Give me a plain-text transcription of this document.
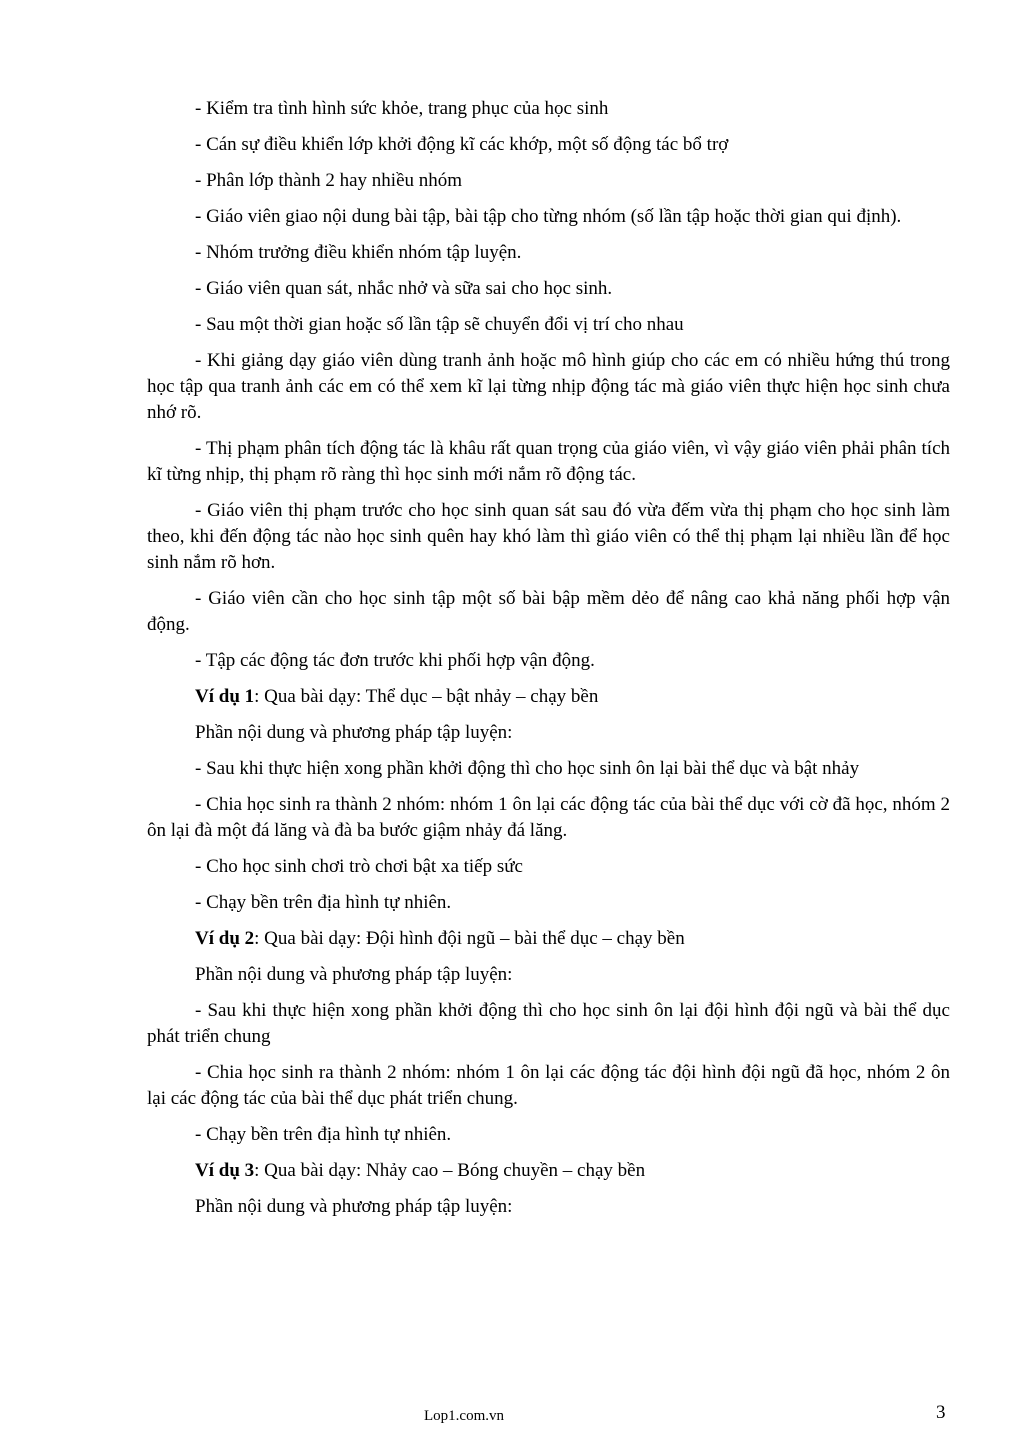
- Kiểm tra tình hình sức khỏe, trang phục của học sinh

- Cán sự điều khiển lớp khởi động kĩ các khớp, một số động tác bổ trợ

- Phân lớp thành 2 hay nhiều nhóm

- Giáo viên giao nội dung bài tập, bài tập cho từng nhóm (số lần tập hoặc thời gian qui định).

- Nhóm trưởng điều khiển nhóm tập luyện.

- Giáo viên quan sát, nhắc nhở và sữa sai cho học sinh.

- Sau một thời gian hoặc số lần tập sẽ chuyển đổi vị trí cho nhau

- Khi giảng dạy giáo viên dùng tranh ảnh hoặc mô hình giúp cho các em có nhiều hứng thú trong học tập qua tranh ảnh các em có thể xem kĩ lại từng nhịp động tác mà giáo viên thực hiện học sinh chưa nhớ rõ.

- Thị phạm phân tích động tác là khâu rất quan trọng của giáo viên, vì vậy giáo viên phải phân tích kĩ từng nhịp, thị phạm rõ ràng thì học sinh mới nắm rõ động tác.

- Giáo viên thị phạm trước cho học sinh quan sát sau đó vừa đếm vừa thị phạm cho học sinh làm theo, khi đến động tác nào học sinh quên hay khó làm thì giáo viên có thể thị phạm lại nhiều lần để học sinh nắm rõ hơn.

- Giáo viên cần cho học sinh tập một số bài bập mềm dẻo để nâng cao khả năng phối hợp vận động.

- Tập các động tác đơn trước khi phối hợp vận động.

Ví dụ 1: Qua bài dạy: Thể dục – bật nhảy – chạy bền

Phần nội dung và phương pháp tập luyện:

- Sau khi thực hiện xong phần khởi động thì cho học sinh ôn lại bài thể dục và bật nhảy

- Chia học sinh ra thành 2 nhóm: nhóm 1 ôn lại các động tác của bài thể dục với cờ đã học, nhóm 2 ôn lại đà một đá lăng và đà ba bước giậm nhảy đá lăng.

- Cho học sinh chơi trò chơi bật xa tiếp sức

- Chạy bền trên địa hình tự nhiên.

Ví dụ 2: Qua bài dạy: Đội hình đội ngũ – bài thể dục – chạy bền

Phần nội dung và phương pháp tập luyện:

- Sau khi thực hiện xong phần khởi động thì cho học sinh ôn lại đội hình đội ngũ và bài thể dục phát triển chung

- Chia học sinh ra thành 2 nhóm: nhóm 1 ôn lại các động tác đội hình đội ngũ đã học, nhóm 2 ôn lại các động tác của bài thể dục phát triển chung.

- Chạy bền trên địa hình tự nhiên.

Ví dụ 3: Qua bài dạy: Nhảy cao – Bóng chuyền – chạy bền

Phần nội dung và phương pháp tập luyện:

Lop1.com.vn	3
